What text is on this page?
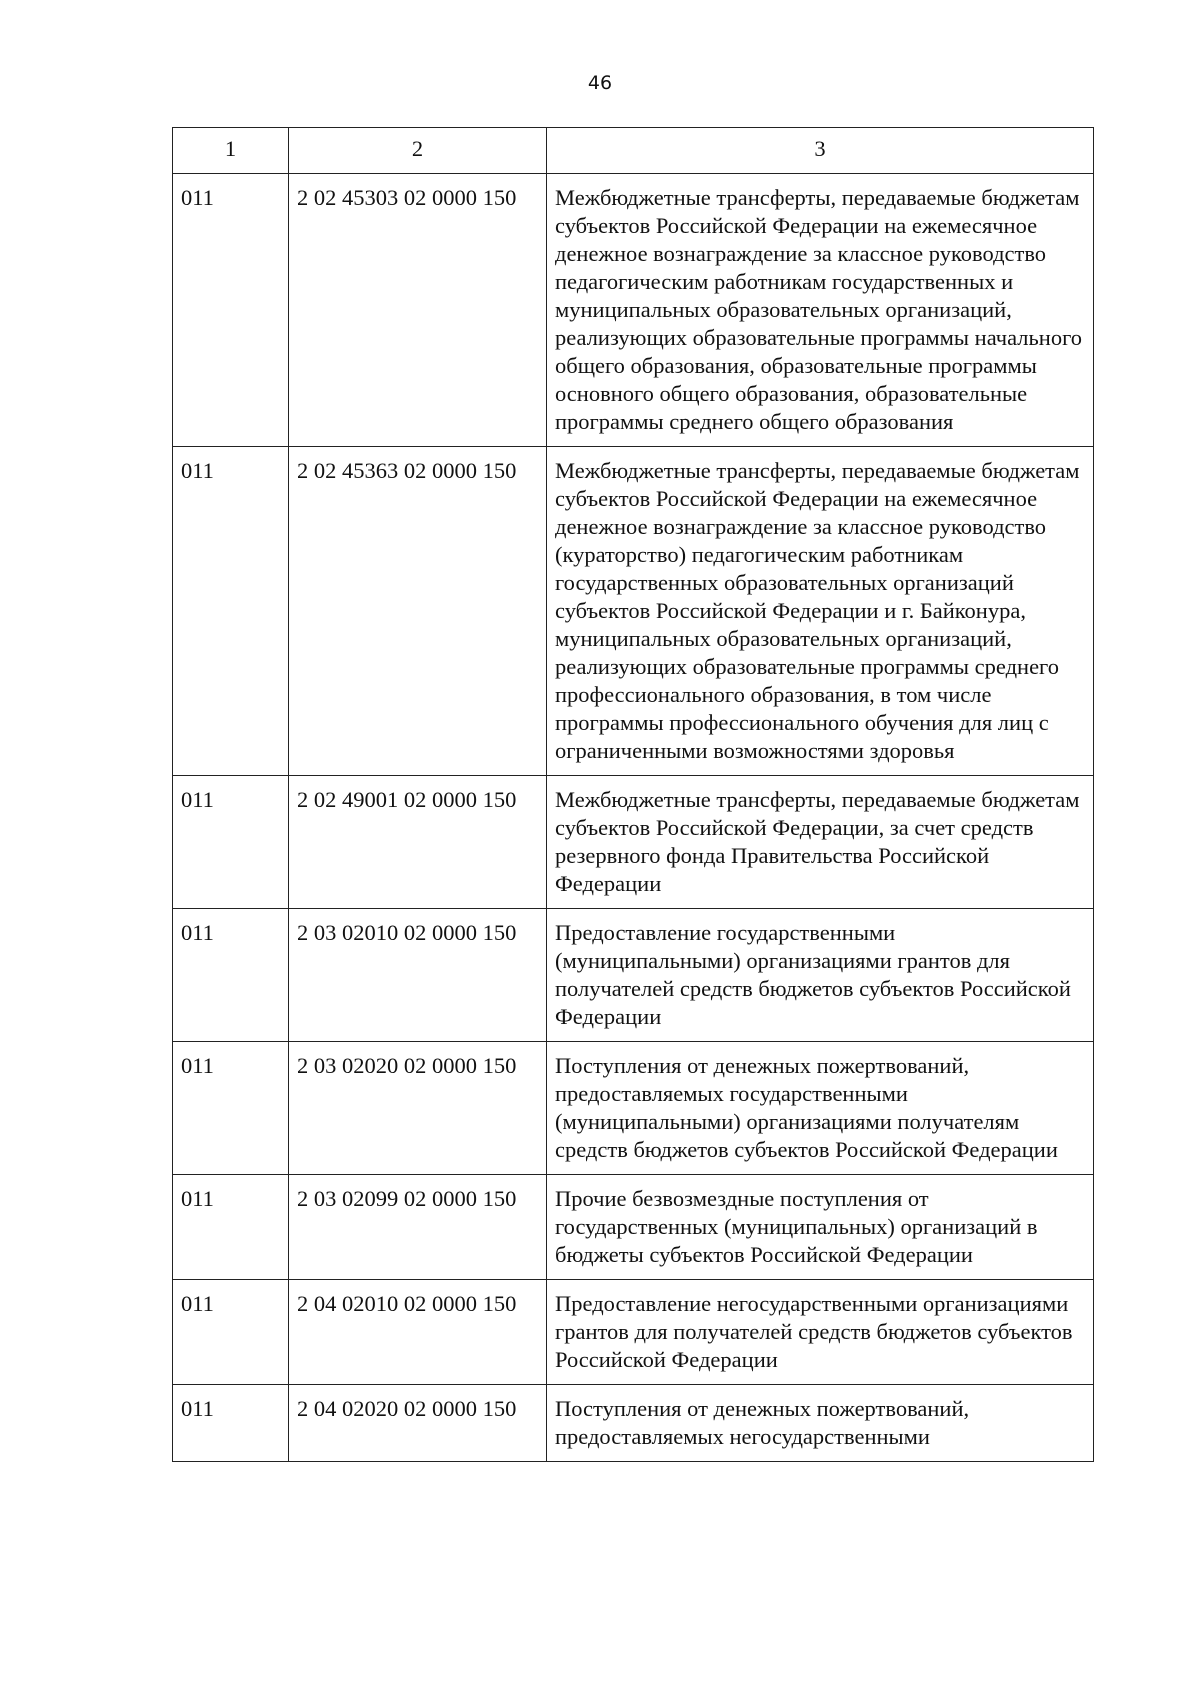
46
1	2	3
011	2 02 45303 02 0000 150	Межбюджетные трансферты, передаваемые бюджетам субъектов Российской Федерации на ежемесячное денежное вознаграждение за классное руководство педагогическим работникам государственных и муниципальных образовательных организаций, реализующих образовательные программы начального общего образования, образовательные программы основного общего образования, образовательные программы среднего общего образования
011	2 02 45363 02 0000 150	Межбюджетные трансферты, передаваемые бюджетам субъектов Российской Федерации на ежемесячное денежное вознаграждение за классное руководство (кураторство) педагогическим работникам государственных образовательных организаций субъектов Российской Федерации и г. Байконура, муниципальных образовательных организаций, реализующих образовательные программы среднего профессионального образования, в том числе программы профессионального обучения для лиц с ограниченными возможностями здоровья
011	2 02 49001 02 0000 150	Межбюджетные трансферты, передаваемые бюджетам субъектов Российской Федерации, за счет средств резервного фонда Правительства Российской Федерации
011	2 03 02010 02 0000 150	Предоставление государственными (муниципальными) организациями грантов для получателей средств бюджетов субъектов Российской Федерации
011	2 03 02020 02 0000 150	Поступления от денежных пожертвований, предоставляемых государственными (муниципальными) организациями получателям средств бюджетов субъектов Российской Федерации
011	2 03 02099 02 0000 150	Прочие безвозмездные поступления от государственных (муниципальных) организаций в бюджеты субъектов Российской Федерации
011	2 04 02010 02 0000 150	Предоставление негосударственными организациями грантов для получателей средств бюджетов субъектов Российской Федерации
011	2 04 02020 02 0000 150	Поступления от денежных пожертвований, предоставляемых негосударственными
